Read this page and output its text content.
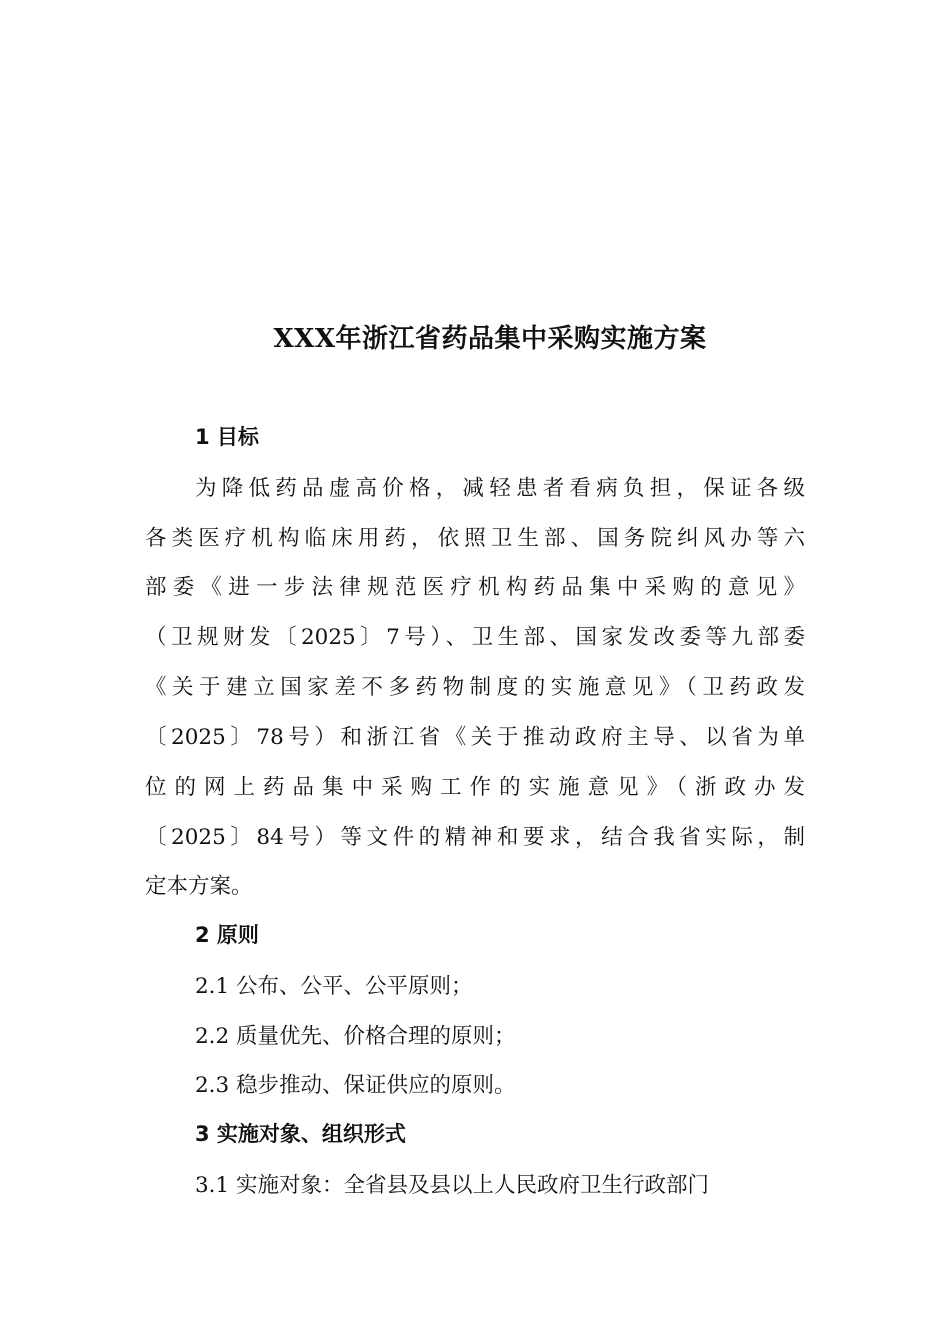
XXX年浙江省药品集中采购实施方案
1 目标
为降低药品虚高价格，减轻患者看病负担，保证各级
各类医疗机构临床用药，依照卫生部、国务院纠风办等六
部委《进一步法律规范医疗机构药品集中采购的意见》
（卫规财发〔2025〕7号）、卫生部、国家发改委等九部委
《关于建立国家差不多药物制度的实施意见》（卫药政发
〔2025〕78号）和浙江省《关于推动政府主导、以省为单
位的网上药品集中采购工作的实施意见》（浙政办发
〔2025〕84号）等文件的精神和要求，结合我省实际，制
定本方案。
2 原则
2.1 公布、公平、公平原则；
2.2 质量优先、价格合理的原则；
2.3 稳步推动、保证供应的原则。
3 实施对象、组织形式
3.1 实施对象：全省县及县以上人民政府卫生行政部门
